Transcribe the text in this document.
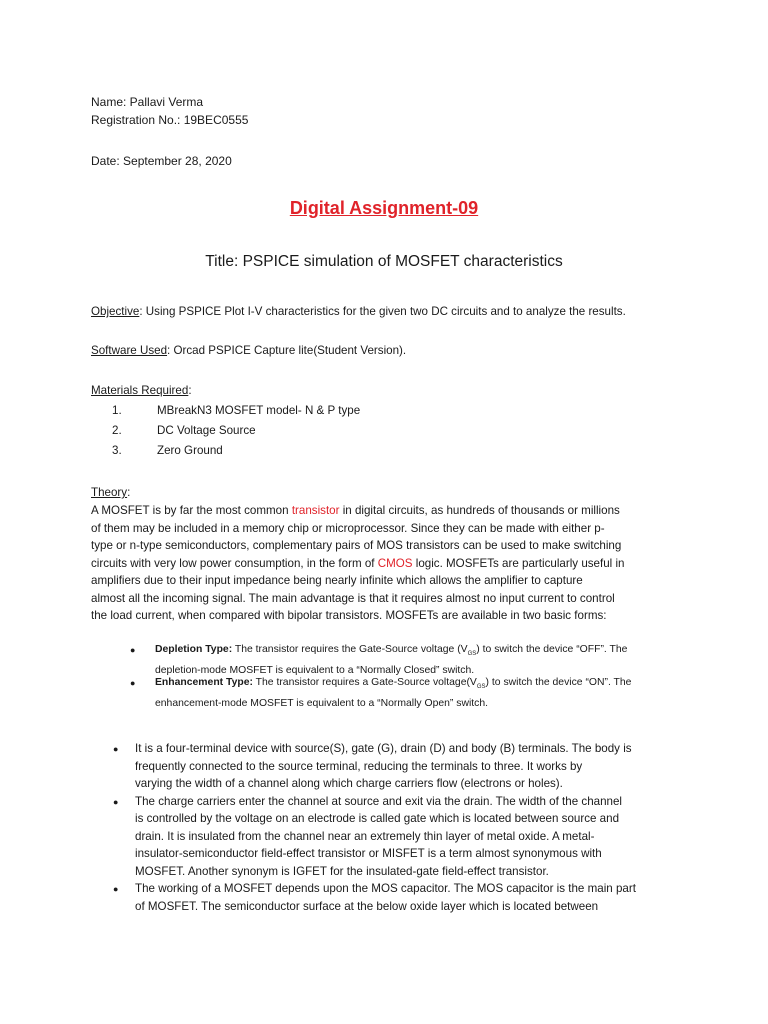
Name: Pallavi Verma
Registration No.: 19BEC0555
Date: September 28, 2020
Digital Assignment-09
Title: PSPICE simulation of MOSFET characteristics
Objective: Using PSPICE Plot I-V characteristics for the given two DC circuits and to analyze the results.
Software Used: Orcad PSPICE Capture lite(Student Version).
Materials Required:
1.	MBreakN3 MOSFET model- N & P type
2.	DC Voltage Source
3.	Zero Ground
Theory:
A MOSFET is by far the most common transistor in digital circuits, as hundreds of thousands or millions
of them may be included in a memory chip or microprocessor. Since they can be made with either p-
type or n-type semiconductors, complementary pairs of MOS transistors can be used to make switching
circuits with very low power consumption, in the form of CMOS logic. MOSFETs are particularly useful in
amplifiers due to their input impedance being nearly infinite which allows the amplifier to capture
almost all the incoming signal. The main advantage is that it requires almost no input current to control
the load current, when compared with bipolar transistors. MOSFETs are available in two basic forms:
● Depletion Type: The transistor requires the Gate-Source voltage $(V_{GS})$ to switch the device “OFF”. The
depletion-mode MOSFET is equivalent to a “Normally Closed” switch.
● Enhancement Type: The transistor requires a Gate-Source $voltage(V_{GS})$ to switch the device “ON”. The
enhancement-mode MOSFET is equivalent to a “Normally Open” switch.
● It is a four-terminal device with source(S), gate (G), drain (D) and body (B) terminals. The body is
frequently connected to the source terminal, reducing the terminals to three. It works by
varying the width of a channel along which charge carriers flow (electrons or holes).
● The charge carriers enter the channel at source and exit via the drain. The width of the channel
is controlled by the voltage on an electrode is called gate which is located between source and
drain. It is insulated from the channel near an extremely thin layer of metal oxide. A metal-
insulator-semiconductor field-effect transistor or MISFET is a term almost synonymous with
MOSFET. Another synonym is IGFET for the insulated-gate field-effect transistor.
● The working of a MOSFET depends upon the MOS capacitor. The MOS capacitor is the main part
of MOSFET. The semiconductor surface at the below oxide layer which is located between
